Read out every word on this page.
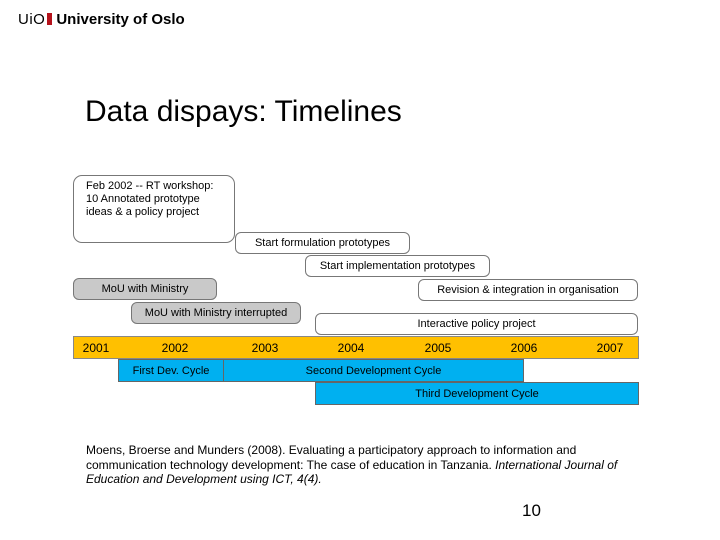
UiO University of Oslo
Data dispays: Timelines
Feb 2002 -- RT workshop:
10 Annotated prototype
ideas & a policy project
Start formulation prototypes
Start implementation prototypes
MoU with Ministry	Revision & integration in organisation
MoU with Ministry interrupted
Interactive policy project
2001	2002	2003	2004	2005	2006	2007
First Dev. Cycle	Second Development Cycle
Third Development Cycle
Moens, Broerse and Munders (2008). Evaluating a participatory approach to information and communication technology development: The case of education in Tanzania. International Journal of Education and Development using ICT, 4(4).
10
